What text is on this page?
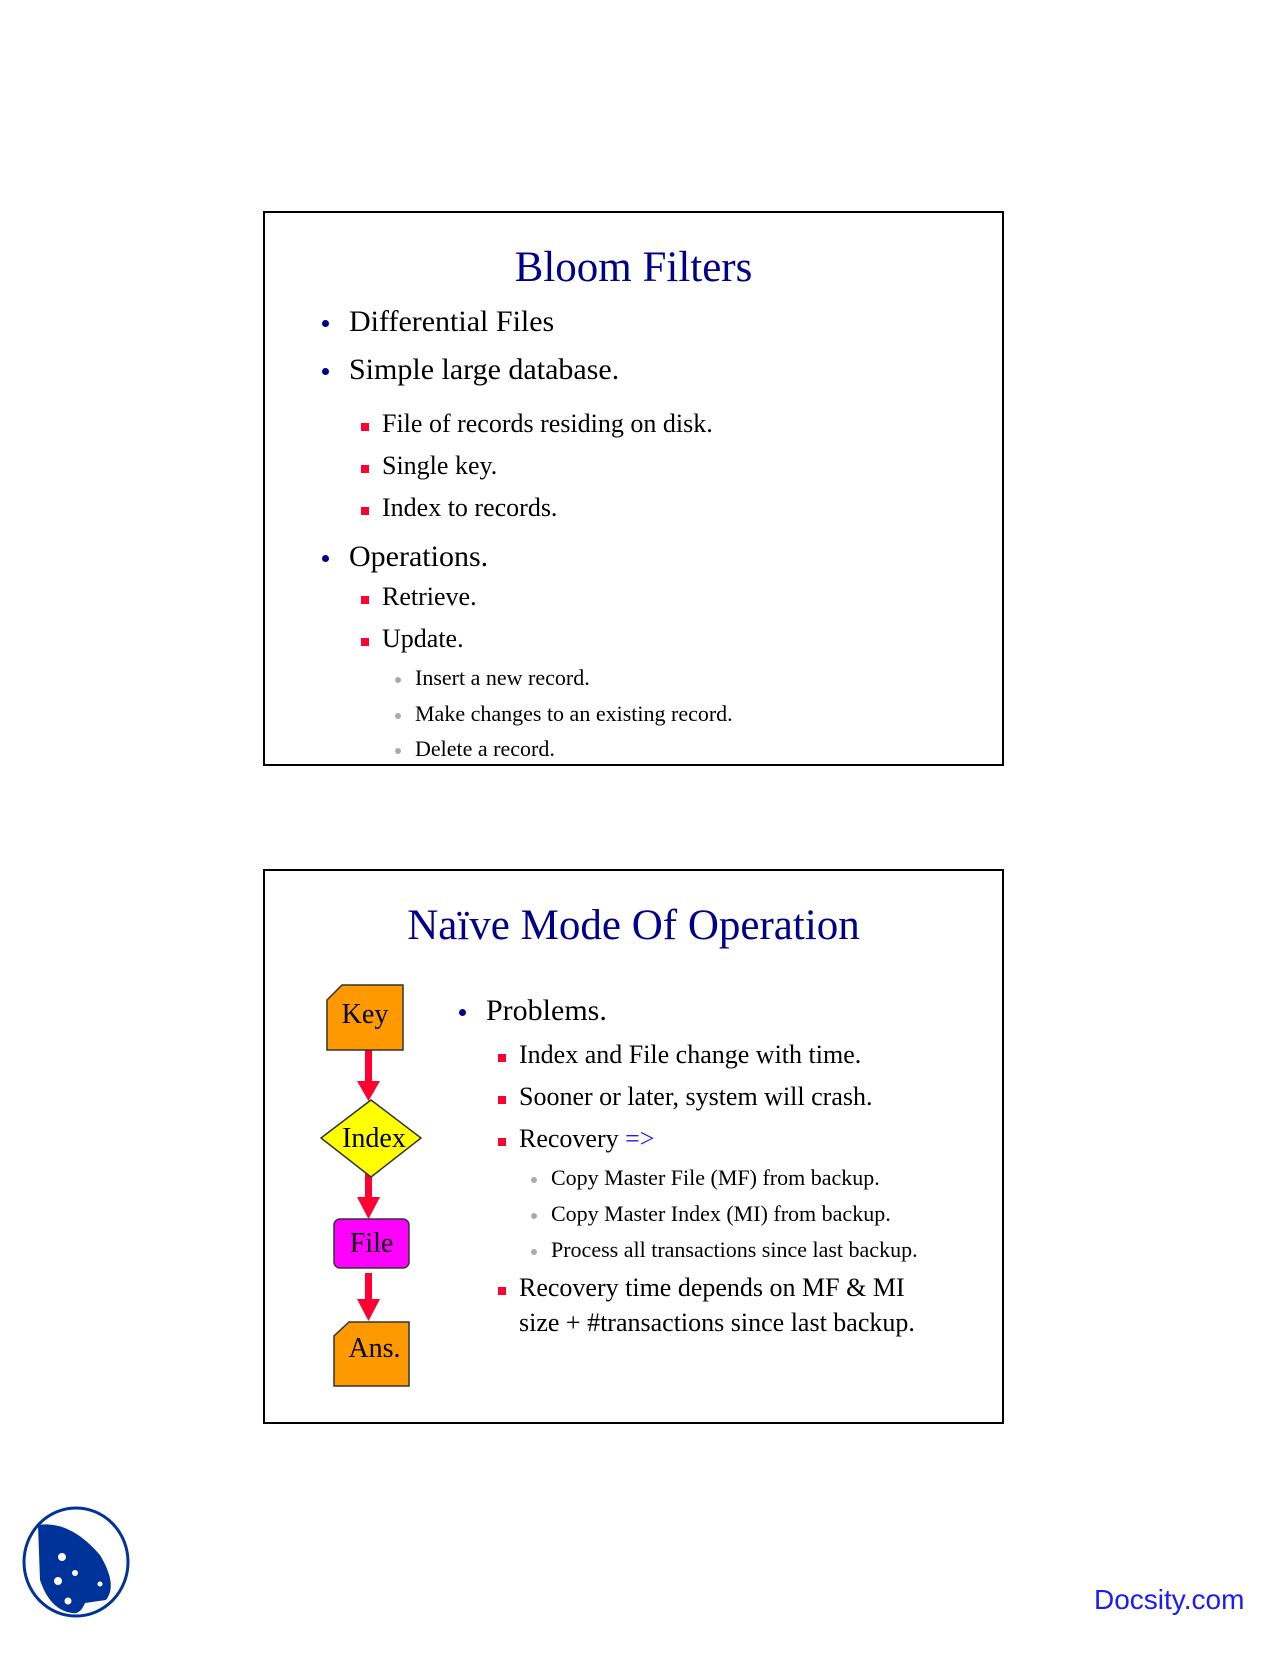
Bloom Filters
Differential Files
Simple large database.
File of records residing on disk.
Single key.
Index to records.
Operations.
Retrieve.
Update.
Insert a new record.
Make changes to an existing record.
Delete a record.
Naïve Mode Of Operation
Key
Index
File
Ans.
Problems.
Index and File change with time.
Sooner or later, system will crash.
Recovery =>
Copy Master File (MF) from backup.
Copy Master Index (MI) from backup.
Process all transactions since last backup.
Recovery time depends on MF & MI
size + #transactions since last backup.
Docsity.com
